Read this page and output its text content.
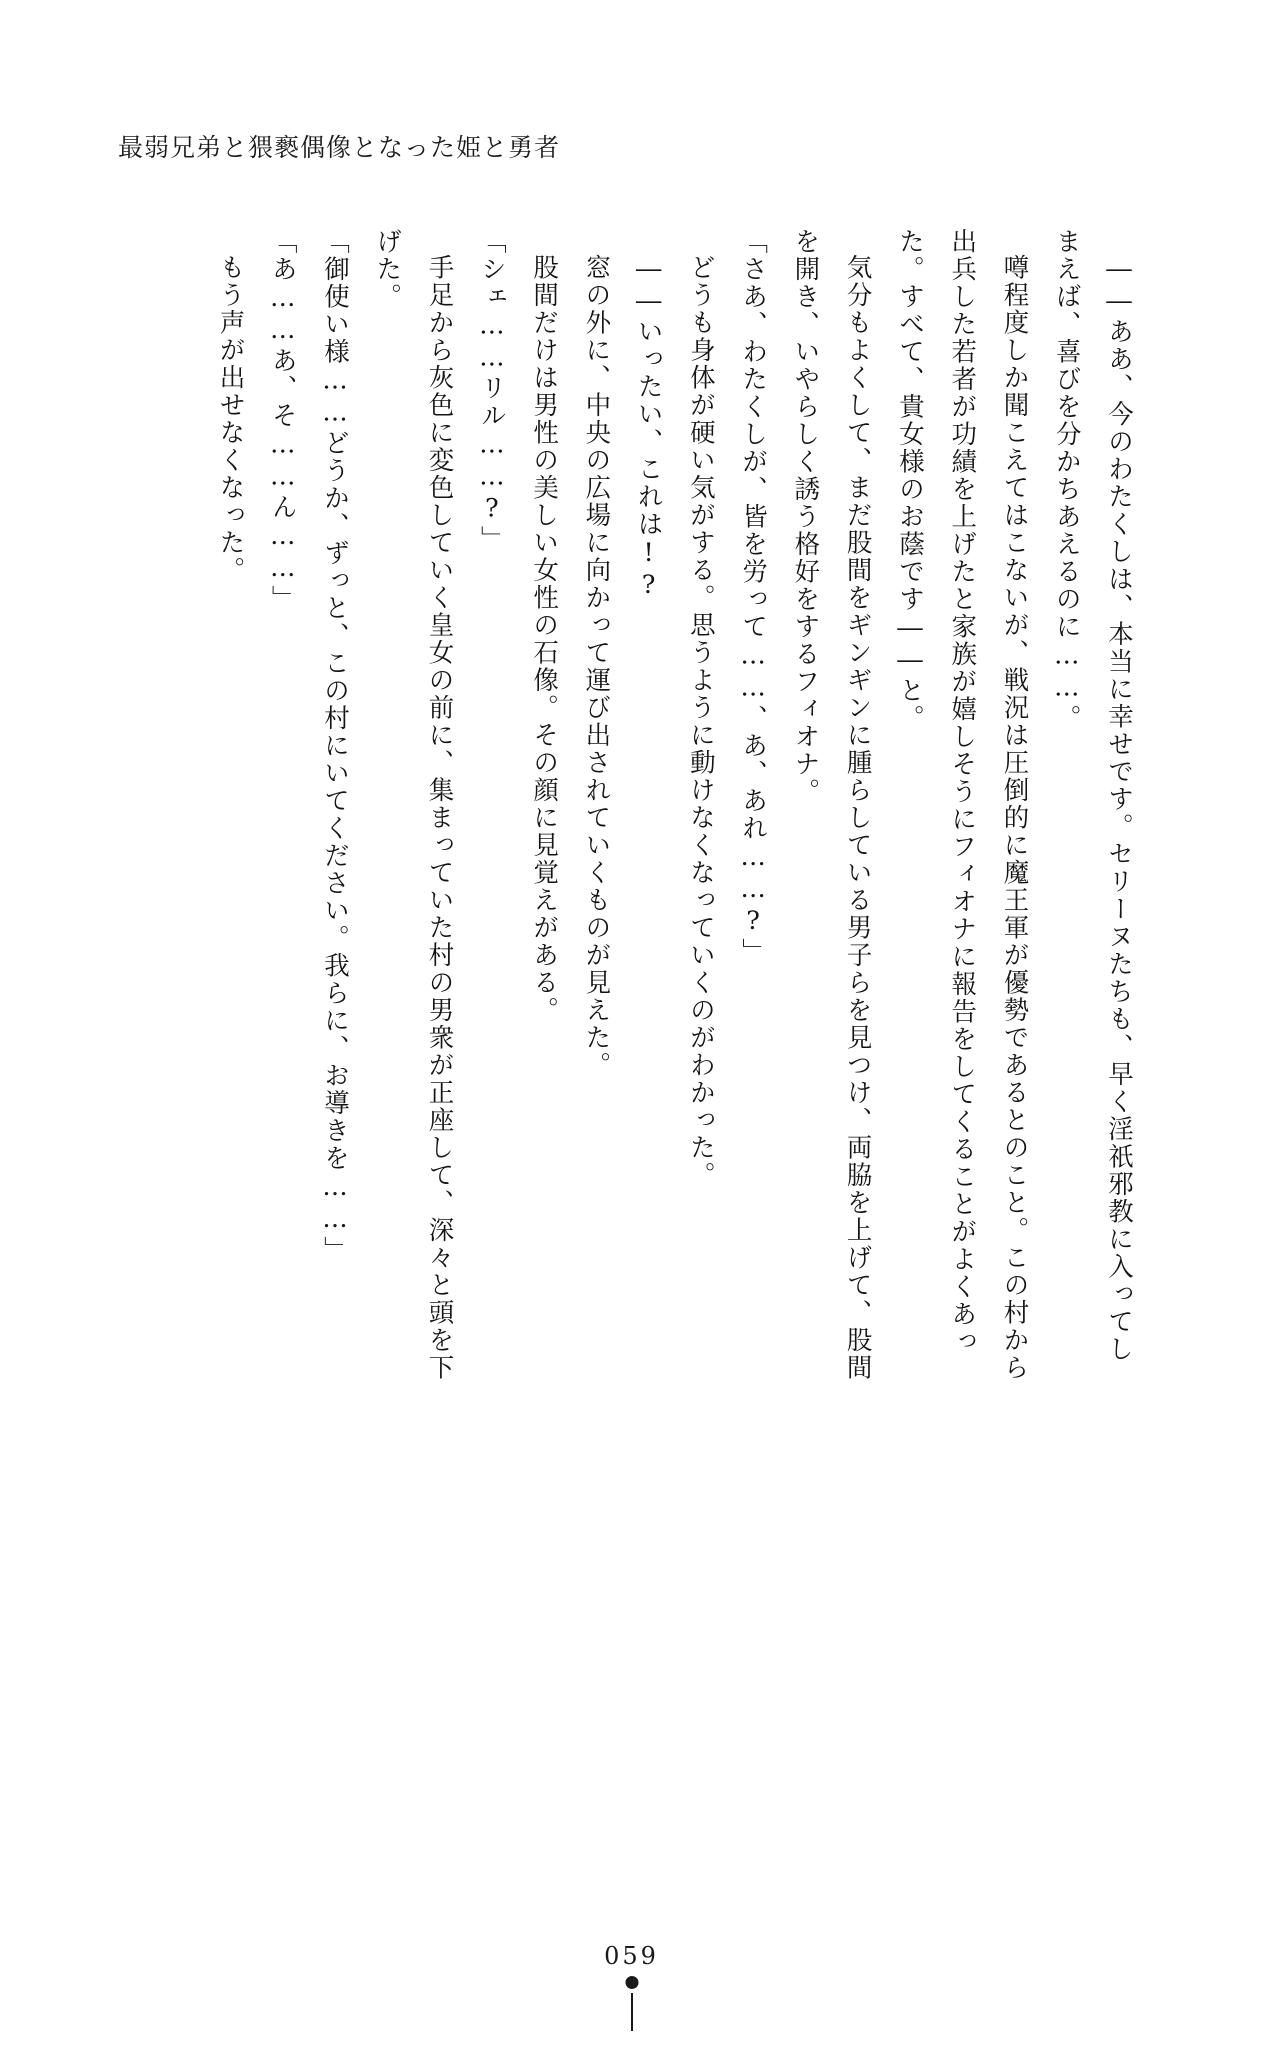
最弱兄弟と猥褻偶像となった姫と勇者

――ああ、今のわたくしは、本当に幸せです。セリーヌたちも、早く淫祇邪教に入ってしまえば、喜びを分かちあえるのに……。

噂程度しか聞こえてはこないが、戦況は圧倒的に魔王軍が優勢であるとのこと。この村から出兵した若者が功績を上げたと家族が嬉しそうにフィオナに報告をしてくることがよくあった。すべて、貴女様のお蔭です――と。

気分もよくして、まだ股間をギンギンに腫らしている男子らを見つけ、両脇を上げて、股間を開き、いやらしく誘う格好をするフィオナ。

「さあ、わたくしが、皆を労って……、あ、あれ……?」

どうも身体が硬い気がする。思うように動けなくなっていくのがわかった。

――いったい、これは!?

窓の外に、中央の広場に向かって運び出されていくものが見えた。

股間だけは男性の美しい女性の石像。その顔に見覚えがある。

「シェ……リル……?」

手足から灰色に変色していく皇女の前に、集まっていた村の男衆が正座して、深々と頭を下げた。

「御使い様……どうか、ずっと、この村にいてください。我らに、お導きを……」

「あ……あ、そ……ん……」

もう声が出せなくなった。

059
